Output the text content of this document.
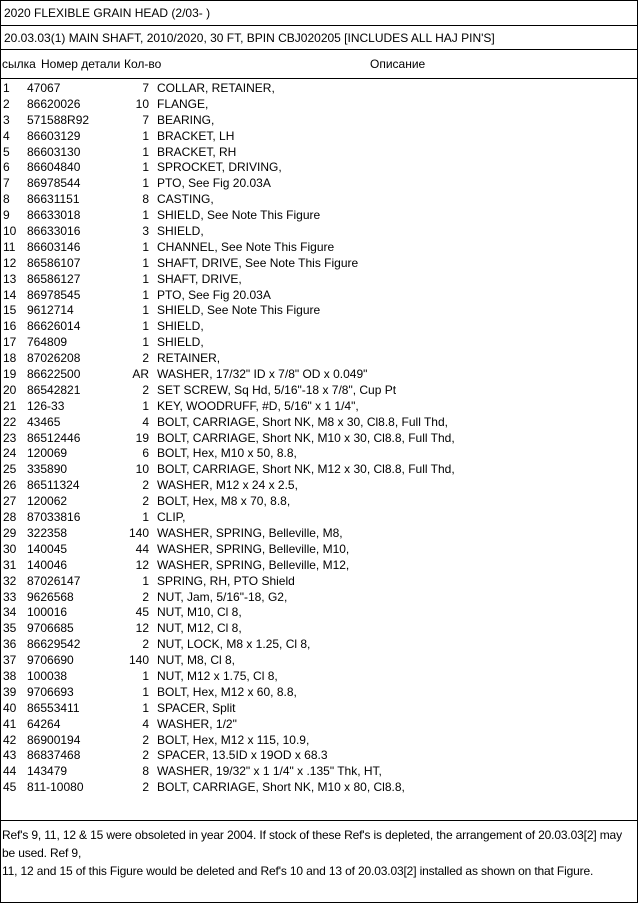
2020 FLEXIBLE GRAIN HEAD (2/03- )
20.03.03(1) MAIN SHAFT, 2010/2020, 30 FT, BPIN CBJ020205 [INCLUDES ALL HAJ PIN'S]
сылка Номер детали Кол-во	Описание
1 47067	7 COLLAR, RETAINER,
2 86620026	10 FLANGE,
3 571588R92	7 BEARING,
4 86603129	1 BRACKET, LH
5 86603130	1 BRACKET, RH
6 86604840	1 SPROCKET, DRIVING,
7 86978544	1 PTO, See Fig 20.03A
8 86631151	8 CASTING,
9 86633018	1 SHIELD, See Note This Figure
10 86633016	3 SHIELD,
11 86603146	1 CHANNEL, See Note This Figure
12 86586107	1 SHAFT, DRIVE, See Note This Figure
13 86586127	1 SHAFT, DRIVE,
14 86978545	1 PTO, See Fig 20.03A
15 9612714	1 SHIELD, See Note This Figure
16 86626014	1 SHIELD,
17 764809	1 SHIELD,
18 87026208	2 RETAINER,
19 86622500	AR WASHER, 17/32" ID x 7/8" OD x 0.049"
20 86542821	2 SET SCREW, Sq Hd, 5/16"-18 x 7/8", Cup Pt
21 126-33	1 KEY, WOODRUFF, #D, 5/16" x 1 1/4",
22 43465	4 BOLT, CARRIAGE, Short NK, M8 x 30, Cl8.8, Full Thd,
23 86512446	19 BOLT, CARRIAGE, Short NK, M10 x 30, Cl8.8, Full Thd,
24 120069	6 BOLT, Hex, M10 x 50, 8.8,
25 335890	10 BOLT, CARRIAGE, Short NK, M12 x 30, Cl8.8, Full Thd,
26 86511324	2 WASHER, M12 x 24 x 2.5,
27 120062	2 BOLT, Hex, M8 x 70, 8.8,
28 87033816	1 CLIP,
29 322358	140 WASHER, SPRING, Belleville, M8,
30 140045	44 WASHER, SPRING, Belleville, M10,
31 140046	12 WASHER, SPRING, Belleville, M12,
32 87026147	1 SPRING, RH, PTO Shield
33 9626568	2 NUT, Jam, 5/16"-18, G2,
34 100016	45 NUT, M10, Cl 8,
35 9706685	12 NUT, M12, Cl 8,
36 86629542	2 NUT, LOCK, M8 x 1.25, Cl 8,
37 9706690	140 NUT, M8, Cl 8,
38 100038	1 NUT, M12 x 1.75, Cl 8,
39 9706693	1 BOLT, Hex, M12 x 60, 8.8,
40 86553411	1 SPACER, Split
41 64264	4 WASHER, 1/2"
42 86900194	2 BOLT, Hex, M12 x 115, 10.9,
43 86837468	2 SPACER, 13.5ID x 19OD x 68.3
44 143479	8 WASHER, 19/32" x 1 1/4" x .135" Thk, HT,
45 811-10080	2 BOLT, CARRIAGE, Short NK, M10 x 80, Cl8.8,
Ref's 9, 11, 12 & 15 were obsoleted in year 2004. If stock of these Ref's is depleted, the arrangement of 20.03.03[2] may be used. Ref 9,
11, 12 and 15 of this Figure would be deleted and Ref's 10 and 13 of 20.03.03[2] installed as shown on that Figure.
